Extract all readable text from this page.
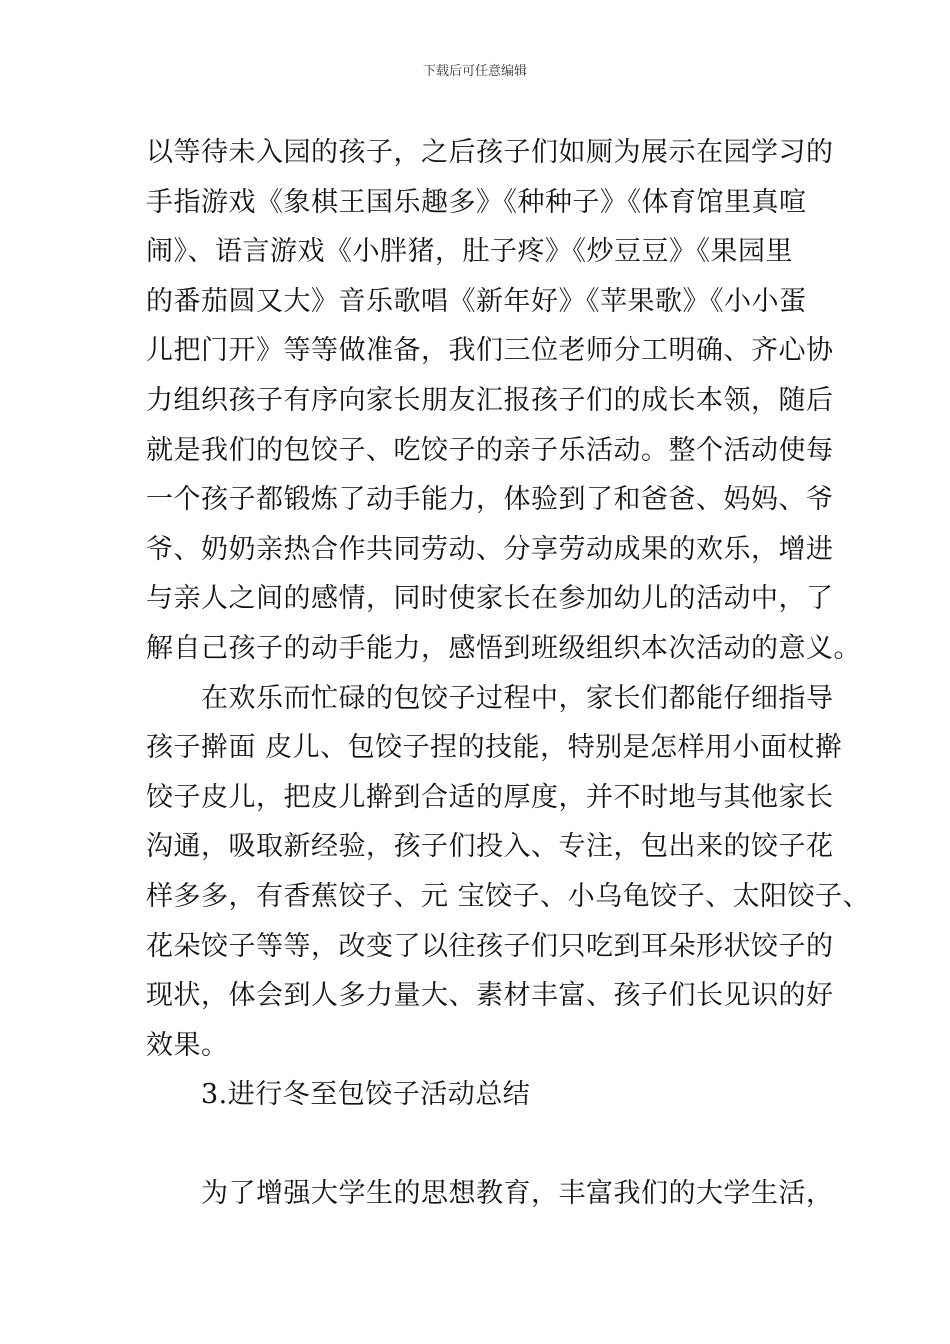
下载后可任意编辑
以等待未入园的孩子，之后孩子们如厕为展示在园学习的
手指游戏《象棋王国乐趣多》《种种子》《体育馆里真喧
闹》、语言游戏《小胖猪，肚子疼》《炒豆豆》《果园里
的番茄圆又大》音乐歌唱《新年好》《苹果歌》《小小蛋
儿把门开》等等做准备，我们三位老师分工明确、齐心协
力组织孩子有序向家长朋友汇报孩子们的成长本领，随后
就是我们的包饺子、吃饺子的亲子乐活动。整个活动使每
一个孩子都锻炼了动手能力，体验到了和爸爸、妈妈、爷
爷、奶奶亲热合作共同劳动、分享劳动成果的欢乐，增进
与亲人之间的感情，同时使家长在参加幼儿的活动中，了
解自己孩子的动手能力，感悟到班级组织本次活动的意义。
　　在欢乐而忙碌的包饺子过程中，家长们都能仔细指导
孩子擀面 皮儿、包饺子捏的技能，特别是怎样用小面杖擀
饺子皮儿，把皮儿擀到合适的厚度，并不时地与其他家长
沟通，吸取新经验，孩子们投入、专注，包出来的饺子花
样多多，有香蕉饺子、元 宝饺子、小乌龟饺子、太阳饺子、
花朵饺子等等，改变了以往孩子们只吃到耳朵形状饺子的
现状，体会到人多力量大、素材丰富、孩子们长见识的好
效果。
　　3.进行冬至包饺子活动总结
　　为了增强大学生的思想教育，丰富我们的大学生活，
